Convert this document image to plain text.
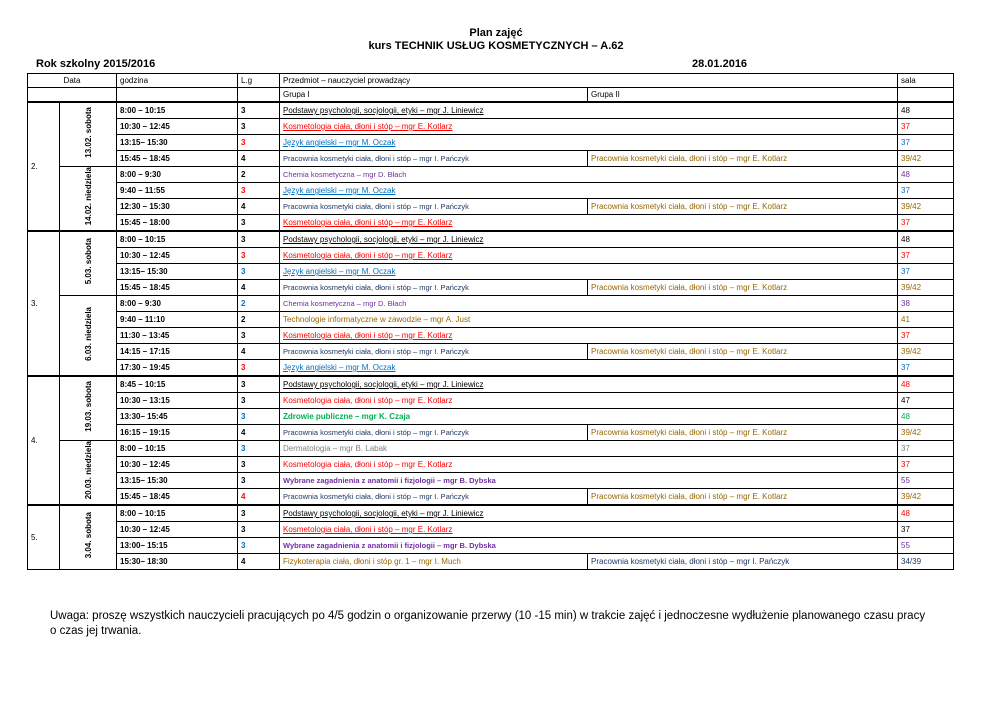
Plan zajęć
kurs TECHNIK USŁUG KOSMETYCZNYCH – A.62
Rok szkolny 2015/2016	28.01.2016
Data		godzina	L.g	Przedmiot – nauczyciel prowadzący		sala
				Grupa I	Grupa II	
2.	13.02. sobota	8:00 – 10:15	3	Podstawy psychologii, socjologii, etyki – mgr J. Liniewicz		48
		10:30 – 12:45	3	Kosmetologia ciała, dłoni i stóp – mgr E. Kotlarz		37
		13:15– 15:30	3	Język angielski – mgr M. Oczak		37
		15:45 – 18:45	4	Pracownia kosmetyki ciała, dłoni i stóp – mgr I. Pańczyk	Pracownia kosmetyki ciała, dłoni i stóp – mgr E. Kotlarz	39/42
	14.02. niedziela	8:00 – 9:30	2	Chemia kosmetyczna – mgr D. Błach		48
		9:40 – 11:55	3	Język angielski – mgr M. Oczak		37
		12:30 – 15:30	4	Pracownia kosmetyki ciała, dłoni i stóp – mgr I. Pańczyk	Pracownia kosmetyki ciała, dłoni i stóp – mgr E. Kotlarz	39/42
		15:45 – 18:00	3	Kosmetologia ciała, dłoni i stóp – mgr E. Kotlarz		37
3.	5.03. sobota	8:00 – 10:15	3	Podstawy psychologii, socjologii, etyki – mgr J. Liniewicz		48
		10:30 – 12:45	3	Kosmetologia ciała, dłoni i stóp – mgr E. Kotlarz		37
		13:15– 15:30	3	Język angielski – mgr M. Oczak		37
		15:45 – 18:45	4	Pracownia kosmetyki ciała, dłoni i stóp – mgr I. Pańczyk	Pracownia kosmetyki ciała, dłoni i stóp – mgr E. Kotlarz	39/42
	6.03. niedziela	8:00 – 9:30	2	Chemia kosmetyczna – mgr D. Błach		38
		9:40 – 11:10	2	Technologie informatyczne w zawodzie – mgr A. Just		41
		11:30 – 13:45	3	Kosmetologia ciała, dłoni i stóp – mgr E. Kotlarz		37
		14:15 – 17:15	4	Pracownia kosmetyki ciała, dłoni i stóp – mgr I. Pańczyk	Pracownia kosmetyki ciała, dłoni i stóp – mgr E. Kotlarz	39/42
		17:30 – 19:45	3	Język angielski – mgr M. Oczak		37
4.	19.03. sobota	8:45 – 10:15	3	Podstawy psychologii, socjologii, etyki – mgr J. Liniewicz		48
		10:30 – 13:15	3	Kosmetologia ciała, dłoni i stóp – mgr E. Kotlarz		47
		13:30– 15:45	3	Zdrowie publiczne – mgr K. Czaja		48
		16:15 – 19:15	4	Pracownia kosmetyki ciała, dłoni i stóp – mgr I. Pańczyk	Pracownia kosmetyki ciała, dłoni i stóp – mgr E. Kotlarz	39/42
	20.03. niedziela	8:00 – 10:15	3	Dermatologia – mgr B. Labak		37
		10:30 – 12:45	3	Kosmetologia ciała, dłoni i stóp – mgr E. Kotlarz		37
		13:15– 15:30	3	Wybrane zagadnienia z anatomii i fizjologii – mgr B. Dybska		55
		15:45 – 18:45	4	Pracownia kosmetyki ciała, dłoni i stóp – mgr I. Pańczyk	Pracownia kosmetyki ciała, dłoni i stóp – mgr E. Kotlarz	39/42
5.	3.04. sobota	8:00 – 10:15	3	Podstawy psychologii, socjologii, etyki – mgr J. Liniewicz		48
		10:30 – 12:45	3	Kosmetologia ciała, dłoni i stóp – mgr E. Kotlarz		37
		13:00– 15:15	3	Wybrane zagadnienia z anatomii i fizjologii – mgr B. Dybska		55
		15:30– 18:30	4	Fizykoterapia ciała, dłoni i stóp gr. 1 – mgr I. Much	Pracownia kosmetyki ciała, dłoni i stóp – mgr I. Pańczyk	34/39
Uwaga: proszę wszystkich nauczycieli pracujących po 4/5 godzin o organizowanie przerwy (10 -15 min) w trakcie zajęć i jednoczesne wydłużenie planowanego czasu pracy o czas jej trwania.
